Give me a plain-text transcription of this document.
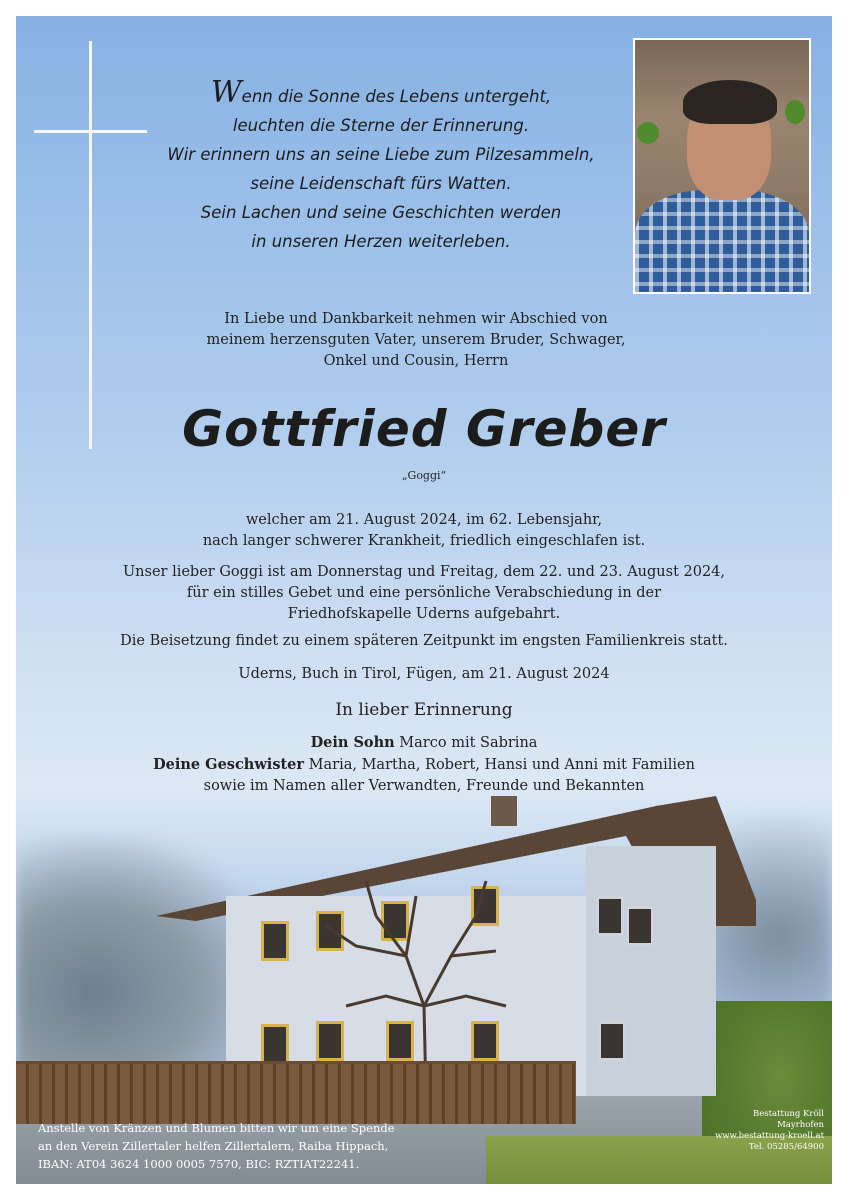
Wenn die Sonne des Lebens untergeht,
leuchten die Sterne der Erinnerung.
Wir erinnern uns an seine Liebe zum Pilzesammeln,
seine Leidenschaft fürs Watten.
Sein Lachen und seine Geschichten werden
in unseren Herzen weiterleben.
In Liebe und Dankbarkeit nehmen wir Abschied von
meinem herzensguten Vater, unserem Bruder, Schwager,
Onkel und Cousin, Herrn
Gottfried Greber
„Goggi“
welcher am 21. August 2024, im 62. Lebensjahr,
nach langer schwerer Krankheit, friedlich eingeschlafen ist.
Unser lieber Goggi ist am Donnerstag und Freitag, dem 22. und 23. August 2024,
für ein stilles Gebet und eine persönliche Verabschiedung in der
Friedhofskapelle Uderns aufgebahrt.
Die Beisetzung findet zu einem späteren Zeitpunkt im engsten Familienkreis statt.
Uderns, Buch in Tirol, Fügen, am 21. August 2024
In lieber Erinnerung
Dein Sohn Marco mit Sabrina
Deine Geschwister Maria, Martha, Robert, Hansi und Anni mit Familien
sowie im Namen aller Verwandten, Freunde und Bekannten
Anstelle von Kränzen und Blumen bitten wir um eine Spende
an den Verein Zillertaler helfen Zillertalern, Raiba Hippach,
IBAN: AT04 3624 1000 0005 7570, BIC: RZTIAT22241.
Bestattung Kröll
Mayrhofen
www.bestattung-kroell.at
Tel. 05285/64900
